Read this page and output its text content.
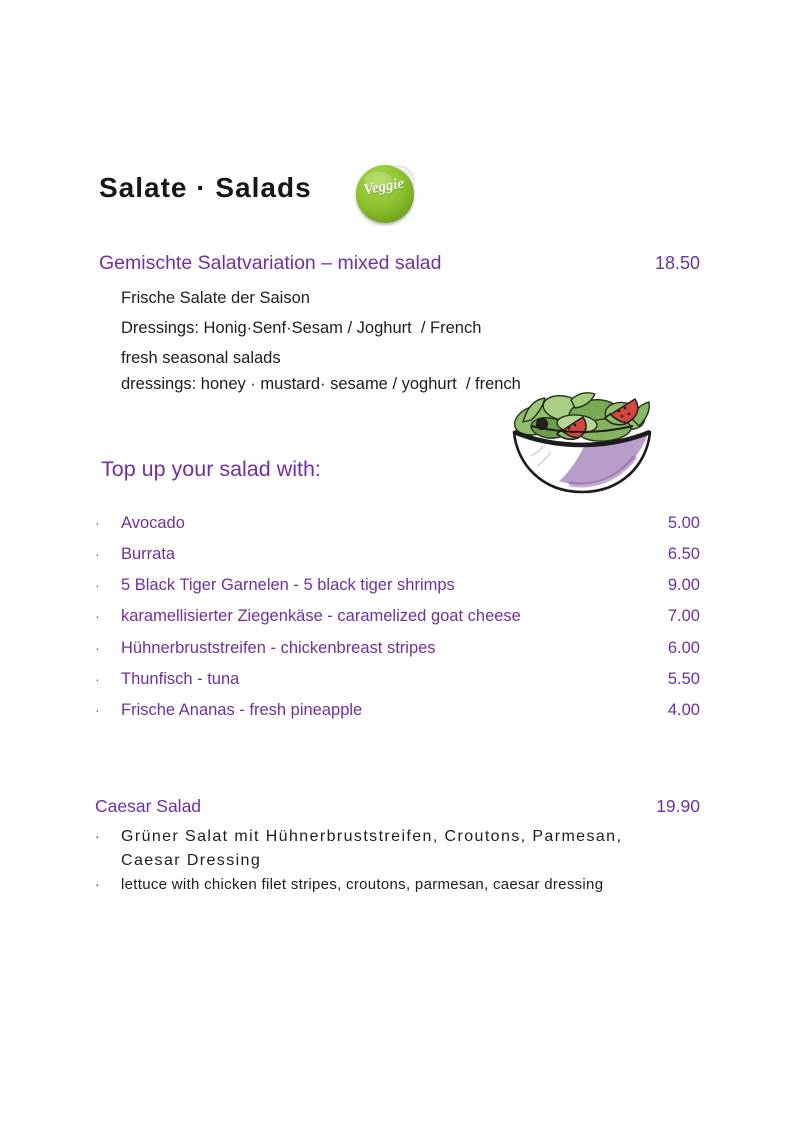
Salate · Salads	Veggie
Gemischte Salatvariation – mixed salad	18.50
Frische Salate der Saison
Dressings: Honig·Senf·Sesam / Joghurt  / French
fresh seasonal salads
dressings: honey · mustard· sesame / yoghurt  / french
Top up your salad with:
·	Avocado	5.00
·	Burrata	6.50
·	5 Black Tiger Garnelen - 5 black tiger shrimps	9.00
·	karamellisierter Ziegenkäse - caramelized goat cheese	7.00
·	Hühnerbruststreifen - chickenbreast stripes	6.00
·	Thunfisch - tuna	5.50
·	Frische Ananas - fresh pineapple	4.00
Caesar Salad	19.90
·	Grüner Salat mit Hühnerbruststreifen, Croutons, Parmesan, Caesar Dressing
·	lettuce with chicken filet stripes, croutons, parmesan, caesar dressing
